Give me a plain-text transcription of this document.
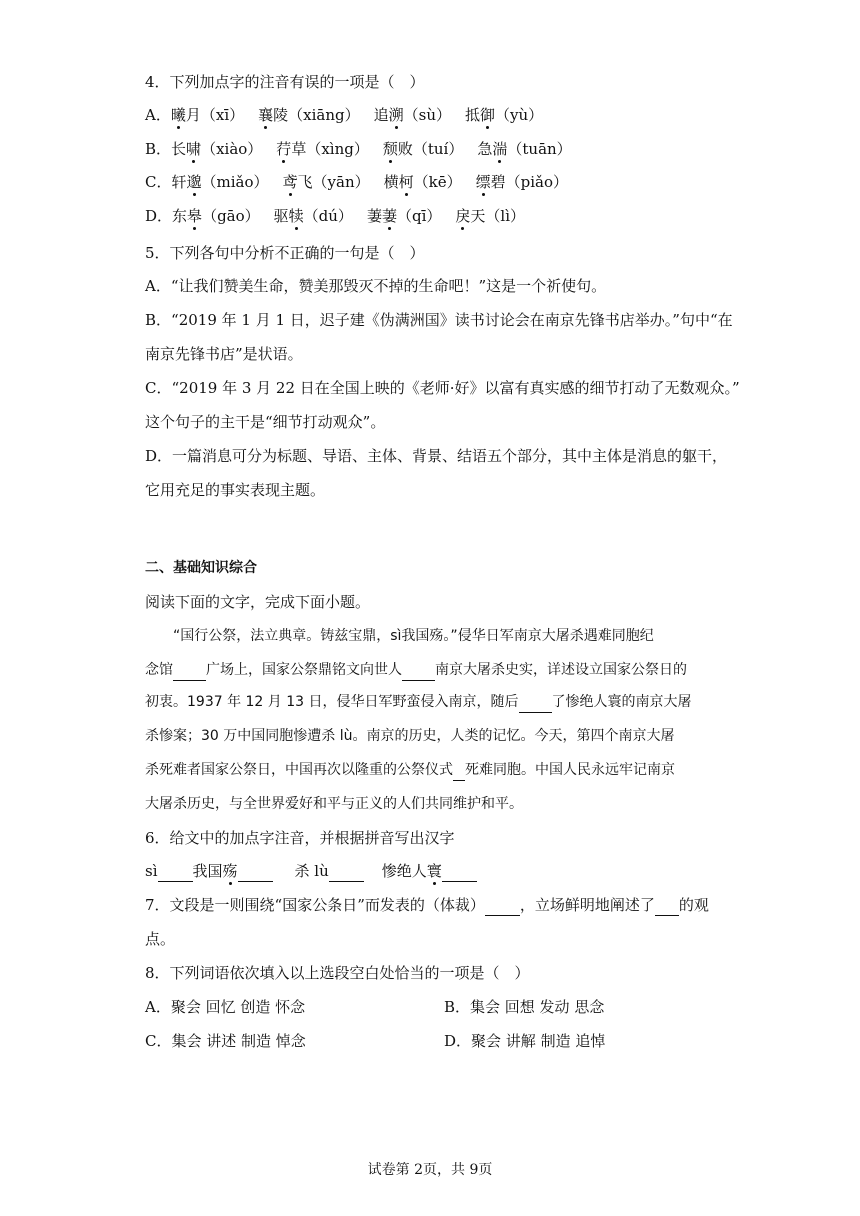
4．下列加点字的注音有误的一项是（　）
A．曦月（xī） 襄陵（xiāng） 追溯（sù） 抵御（yù）
B．长啸（xiào） 荇草（xìng） 颓败（tuí） 急湍（tuān）
C．轩邈（miǎo） 鸢飞（yān） 横柯（kē） 缥碧（piǎo）
D．东皋（gāo） 驱犊（dú） 萋萋（qī） 戾天（lì）
5．下列各句中分析不正确的一句是（　）
A．“让我们赞美生命，赞美那毁灭不掉的生命吧！”这是一个祈使句。
B．“2019 年 1 月 1 日，迟子建《伪满洲国》读书讨论会在南京先锋书店举办。”句中“在
南京先锋书店”是状语。
C．“2019 年 3 月 22 日在全国上映的《老师·好》以富有真实感的细节打动了无数观众。”
这个句子的主干是“细节打动观众”。
D．一篇消息可分为标题、导语、主体、背景、结语五个部分，其中主体是消息的躯干，
它用充足的事实表现主题。
二、基础知识综合
阅读下面的文字，完成下面小题。
“国行公祭，法立典章。铸兹宝鼎，sì我国殇。”侵华日军南京大屠杀遇难同胞纪
念馆 广场上，国家公祭鼎铭文向世人 南京大屠杀史实，详述设立国家公祭日的
初衷。1937 年 12 月 13 日，侵华日军野蛮侵入南京，随后 了惨绝人寰的南京大屠
杀惨案；30 万中国同胞惨遭杀 lù。南京的历史，人类的记忆。今天，第四个南京大屠
杀死难者国家公祭日，中国再次以隆重的公祭仪式 死难同胞。中国人民永远牢记南京
大屠杀历史，与全世界爱好和平与正义的人们共同维护和平。
6．给文中的加点字注音，并根据拼音写出汉字
sì 我国殇	杀 lù	惨绝人寰
7．文段是一则围绕“国家公条日”而发表的（体裁） ，立场鲜明地阐述了 的观
点。
8．下列词语依次填入以上选段空白处恰当的一项是（　）
A．聚会 回忆 创造 怀念	B．集会 回想 发动 思念
C．集会 讲述 制造 悼念	D．聚会 讲解 制造 追悼
试卷第 2页，共 9页
